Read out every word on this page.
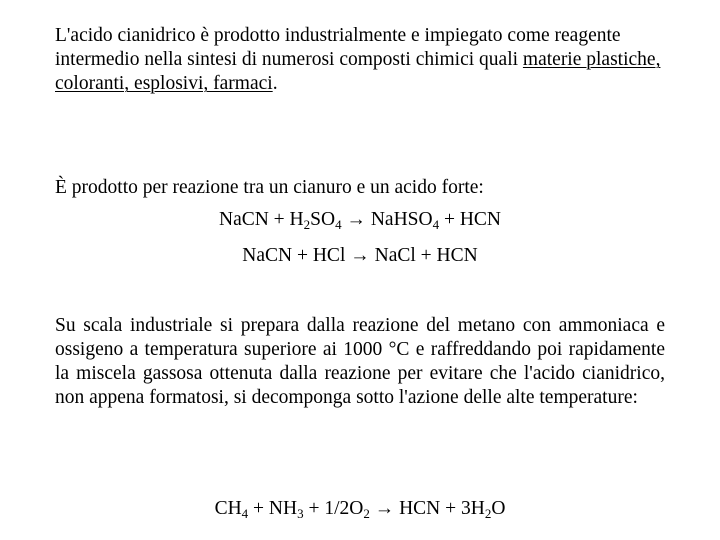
L'acido cianidrico è prodotto industrialmente e impiegato come reagente intermedio nella sintesi di numerosi composti chimici quali materie plastiche, coloranti, esplosivi, farmaci.

È prodotto per reazione tra un cianuro e un acido forte:

NaCN + $H_2SO_4$ → NaHSO$_4$ + HCN
NaCN + HCl → NaCl + HCN

Su scala industriale si prepara dalla reazione del metano con ammoniaca e ossigeno a temperatura superiore ai 1000 °C e raffreddando poi rapidamente la miscela gassosa ottenuta dalla reazione per evitare che l'acido cianidrico, non appena formatosi, si decomponga sotto l'azione delle alte temperature:

$CH_4 + NH_3 + 1/2O_2$ → HCN + $3H_2O$
